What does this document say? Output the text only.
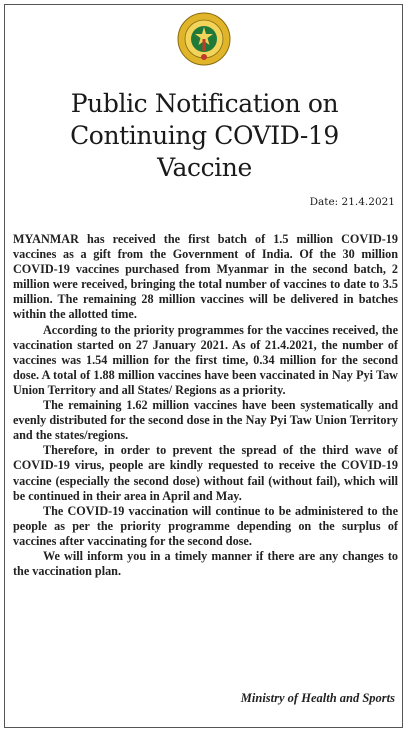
Public Notification on
Continuing COVID-19
Vaccine
Date: 21.4.2021

MYANMAR has received the first batch of 1.5 million COVID-19 vaccines as a gift from the Government of India. Of the 30 million COVID-19 vaccines purchased from Myanmar in the second batch, 2 million were received, bringing the total number of vaccines to date to 3.5 million. The remaining 28 million vaccines will be delivered in batches within the allotted time.

According to the priority programmes for the vaccines received, the vaccination started on 27 January 2021. As of 21.4.2021, the number of vaccines was 1.54 million for the first time, 0.34 million for the second dose. A total of 1.88 million vaccines have been vaccinated in Nay Pyi Taw Union Territory and all States/ Regions as a priority.

The remaining 1.62 million vaccines have been systematically and evenly distributed for the second dose in the Nay Pyi Taw Union Territory and the states/regions.

Therefore, in order to prevent the spread of the third wave of COVID-19 virus, people are kindly requested to receive the COVID-19 vaccine (especially the second dose) without fail (without fail), which will be continued in their area in April and May.

The COVID-19 vaccination will continue to be administered to the people as per the priority programme depending on the surplus of vaccines after vaccinating for the second dose.

We will inform you in a timely manner if there are any changes to the vaccination plan.

Ministry of Health and Sports
